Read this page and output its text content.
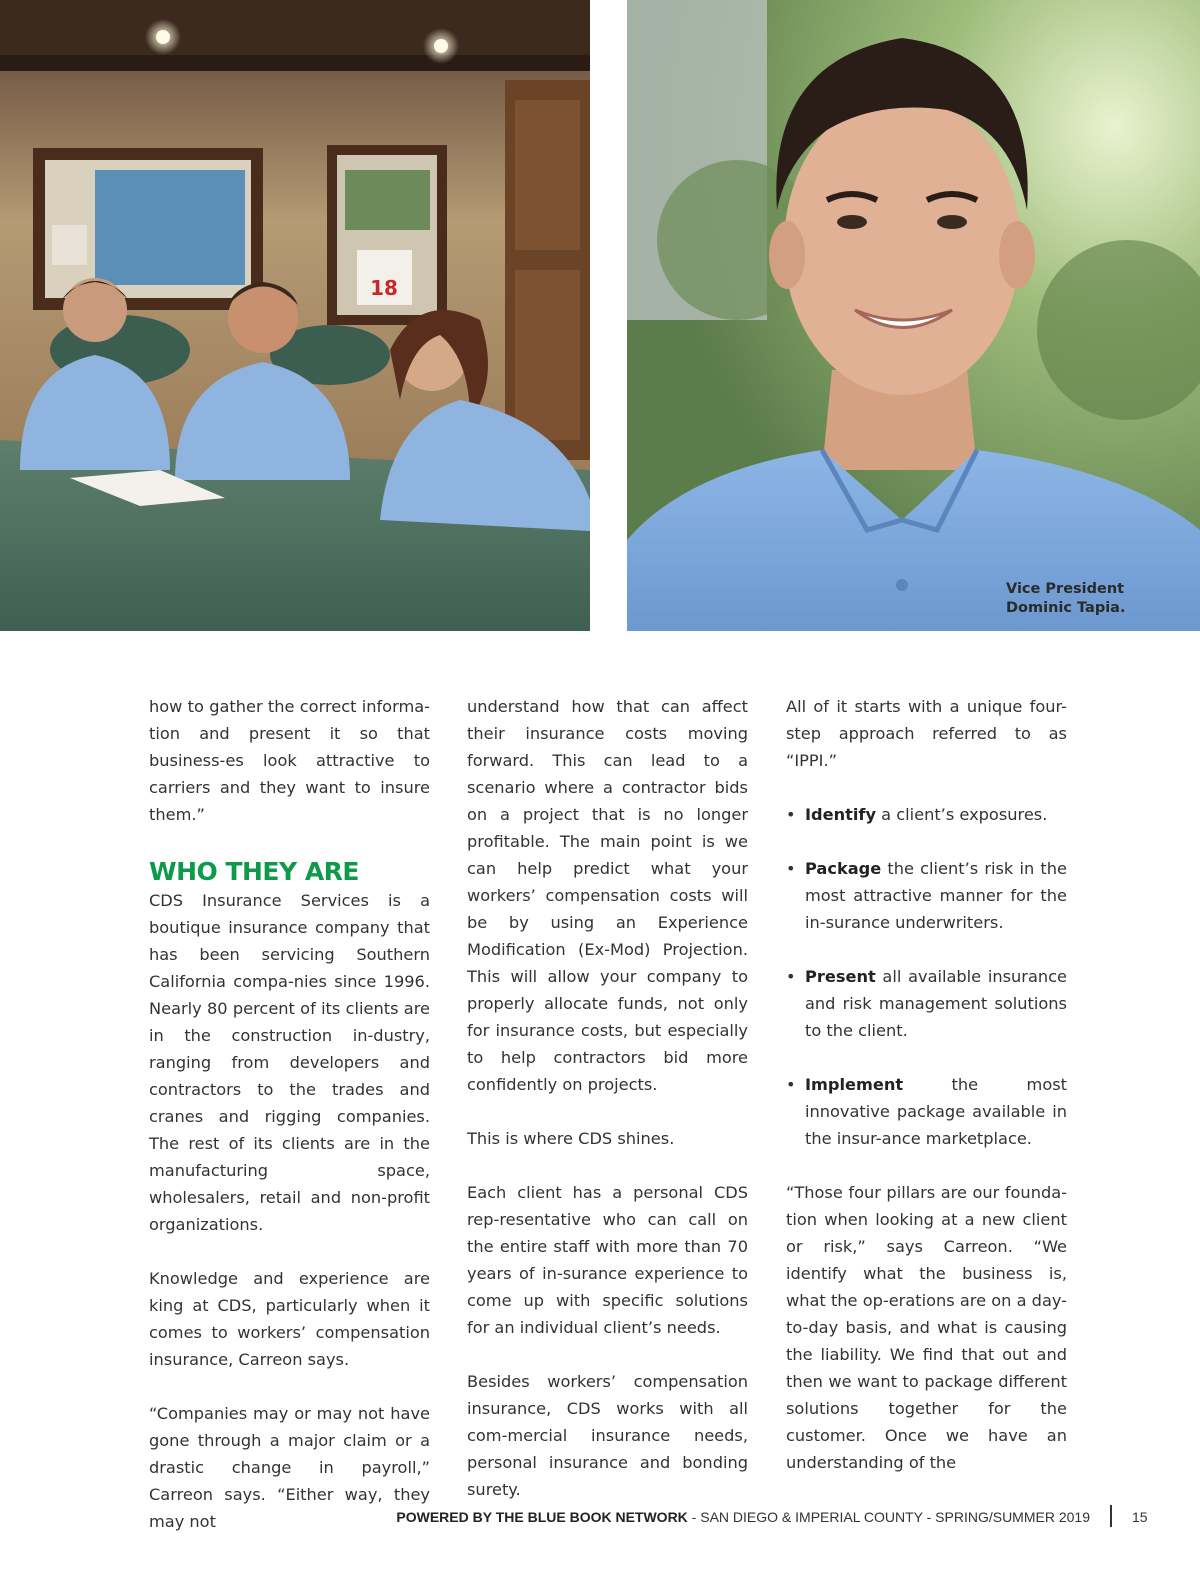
18
Vice President
Dominic Tapia.

how to gather the correct informa-tion and present it so that business-es look attractive to carriers and they want to insure them.”

WHO THEY ARE

CDS Insurance Services is a boutique insurance company that has been servicing Southern California compa-nies since 1996. Nearly 80 percent of its clients are in the construction in-dustry, ranging from developers and contractors to the trades and cranes and rigging companies. The rest of its clients are in the manufacturing space, wholesalers, retail and non-profit organizations.

Knowledge and experience are king at CDS, particularly when it comes to workers’ compensation insurance, Carreon says.

“Companies may or may not have gone through a major claim or a drastic change in payroll,” Carreon says. “Either way, they may not

understand how that can affect their insurance costs moving forward. This can lead to a scenario where a contractor bids on a project that is no longer profitable. The main point is we can help predict what your workers’ compensation costs will be by using an Experience Modification (Ex-Mod) Projection. This will allow your company to properly allocate funds, not only for insurance costs, but especially to help contractors bid more confidently on projects.

This is where CDS shines.

Each client has a personal CDS rep-resentative who can call on the entire staff with more than 70 years of in-surance experience to come up with specific solutions for an individual client’s needs.

Besides workers’ compensation insurance, CDS works with all com-mercial insurance needs, personal insurance and bonding surety.

All of it starts with a unique four-step approach referred to as “IPPI.”

• Identify a client’s exposures.
• Package the client’s risk in the most attractive manner for the in-surance underwriters.
• Present all available insurance and risk management solutions to the client.
• Implement the most innovative package available in the insur-ance marketplace.

“Those four pillars are our founda-tion when looking at a new client or risk,” says Carreon. “We identify what the business is, what the op-erations are on a day-to-day basis, and what is causing the liability. We find that out and then we want to package different solutions together for the customer. Once we have an understanding of the

POWERED BY THE BLUE BOOK NETWORK - SAN DIEGO & IMPERIAL COUNTY - SPRING/SUMMER 2019	15
